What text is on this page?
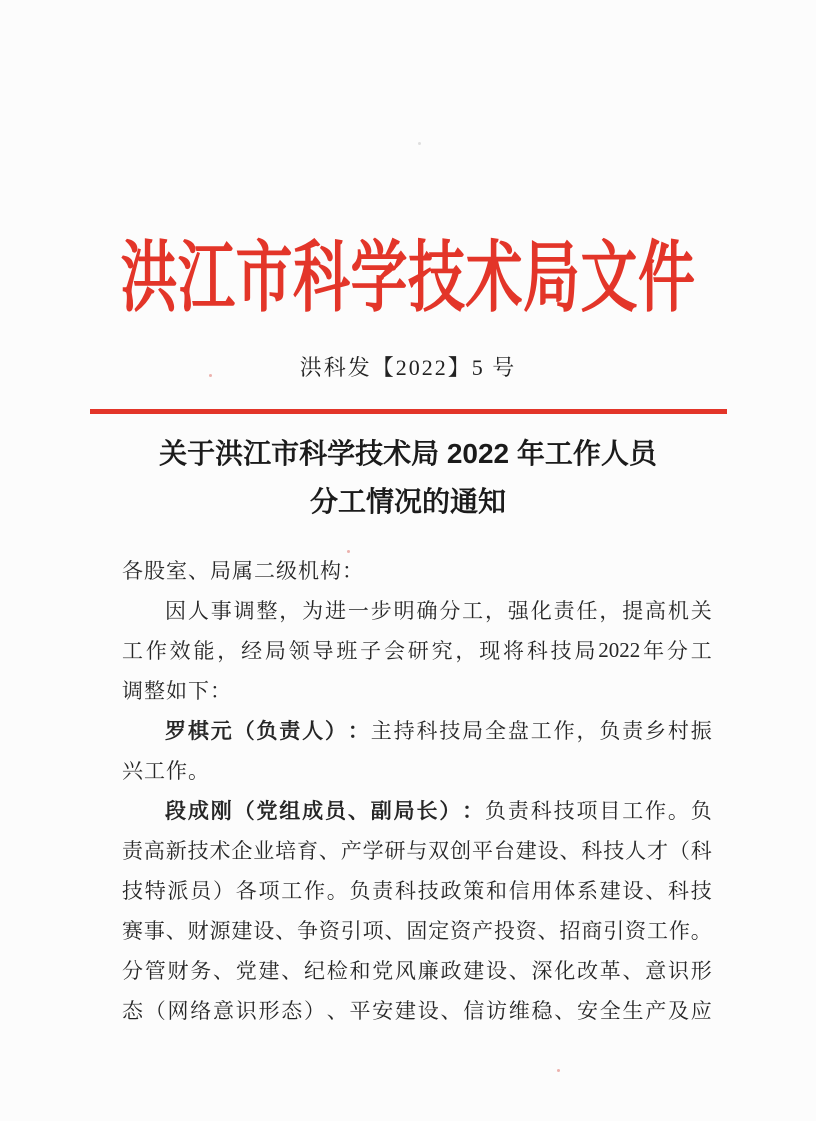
洪江市科学技术局文件
洪科发【2022】5 号
关于洪江市科学技术局 2022 年工作人员
分工情况的通知
各股室、局属二级机构：
因 人 事 调 整 ， 为 进 一 步 明 确 分 工 ， 强 化 责 任 ， 提 高 机 关
工 作 效 能 ， 经 局 领 导 班 子 会 研 究 ， 现 将 科 技 局 2022 年 分 工
调整如下：
罗 棋 元 （ 负 责 人 ） ： 主 持 科 技 局 全 盘 工 作 ， 负 责 乡 村 振
兴工作。
段 成 刚 （ 党 组 成 员 、 副 局 长 ） ： 负 责 科 技 项 目 工 作 。 负
责 高 新 技 术 企 业 培 育 、 产 学 研 与 双 创 平 台 建 设 、 科 技 人 才 （ 科
技 特 派 员 ） 各 项 工 作 。 负 责 科 技 政 策 和 信 用 体 系 建 设 、 科 技
赛 事 、 财 源 建 设 、 争 资 引 项 、 固 定 资 产 投 资 、 招 商 引 资 工 作 。
分 管 财 务 、 党 建 、 纪 检 和 党 风 廉 政 建 设 、 深 化 改 革 、 意 识 形
态 （ 网 络 意 识 形 态 ） 、 平 安 建 设 、 信 访 维 稳 、 安 全 生 产 及 应
